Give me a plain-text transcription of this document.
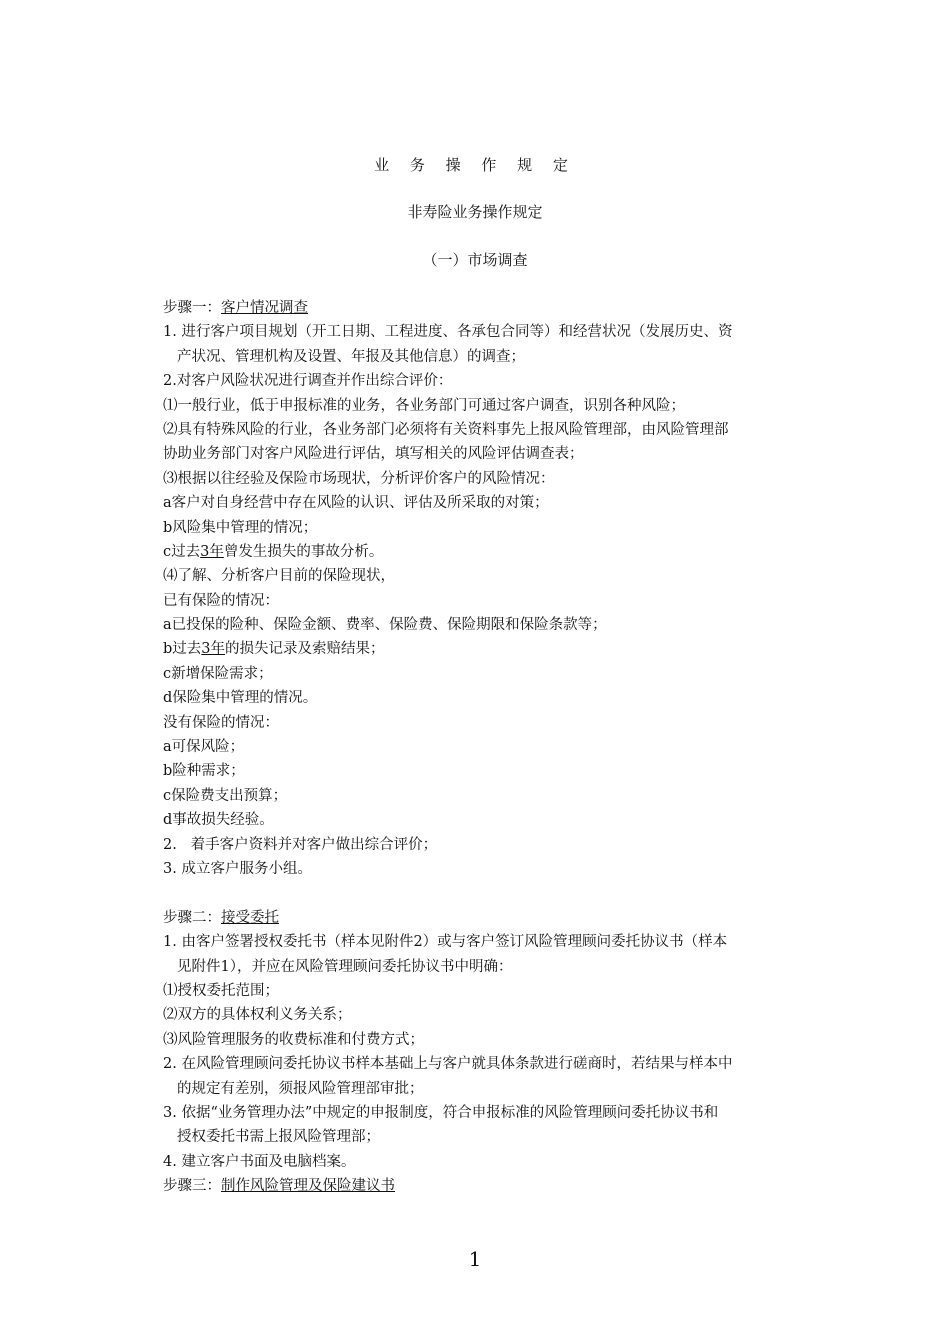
业 务 操 作 规 定
非寿险业务操作规定
（一）市场调查
步骤一：客户情况调查
1. 进行客户项目规划（开工日期、工程进度、各承包合同等）和经营状况（发展历史、资
产状况、管理机构及设置、年报及其他信息）的调查；
2.对客户风险状况进行调查并作出综合评价：
⑴一般行业，低于申报标准的业务，各业务部门可通过客户调查，识别各种风险；
⑵具有特殊风险的行业，各业务部门必须将有关资料事先上报风险管理部，由风险管理部
协助业务部门对客户风险进行评估，填写相关的风险评估调查表；
⑶根据以往经验及保险市场现状，分析评价客户的风险情况：
a客户对自身经营中存在风险的认识、评估及所采取的对策；
b风险集中管理的情况；
c过去3年曾发生损失的事故分析。
⑷了解、分析客户目前的保险现状，
已有保险的情况：
a已投保的险种、保险金额、费率、保险费、保险期限和保险条款等；
b过去3年的损失记录及索赔结果；
c新增保险需求；
d保险集中管理的情况。
没有保险的情况：
a可保风险；
b险种需求；
c保险费支出预算；
d事故损失经验。
2.   着手客户资料并对客户做出综合评价；
3. 成立客户服务小组。
步骤二：接受委托
1. 由客户签署授权委托书（样本见附件2）或与客户签订风险管理顾问委托协议书（样本
见附件1），并应在风险管理顾问委托协议书中明确：
⑴授权委托范围；
⑵双方的具体权利义务关系；
⑶风险管理服务的收费标准和付费方式；
2. 在风险管理顾问委托协议书样本基础上与客户就具体条款进行磋商时，若结果与样本中
的规定有差别，须报风险管理部审批；
3. 依据“业务管理办法”中规定的申报制度，符合申报标准的风险管理顾问委托协议书和
授权委托书需上报风险管理部；
4. 建立客户书面及电脑档案。
步骤三：制作风险管理及保险建议书
1
